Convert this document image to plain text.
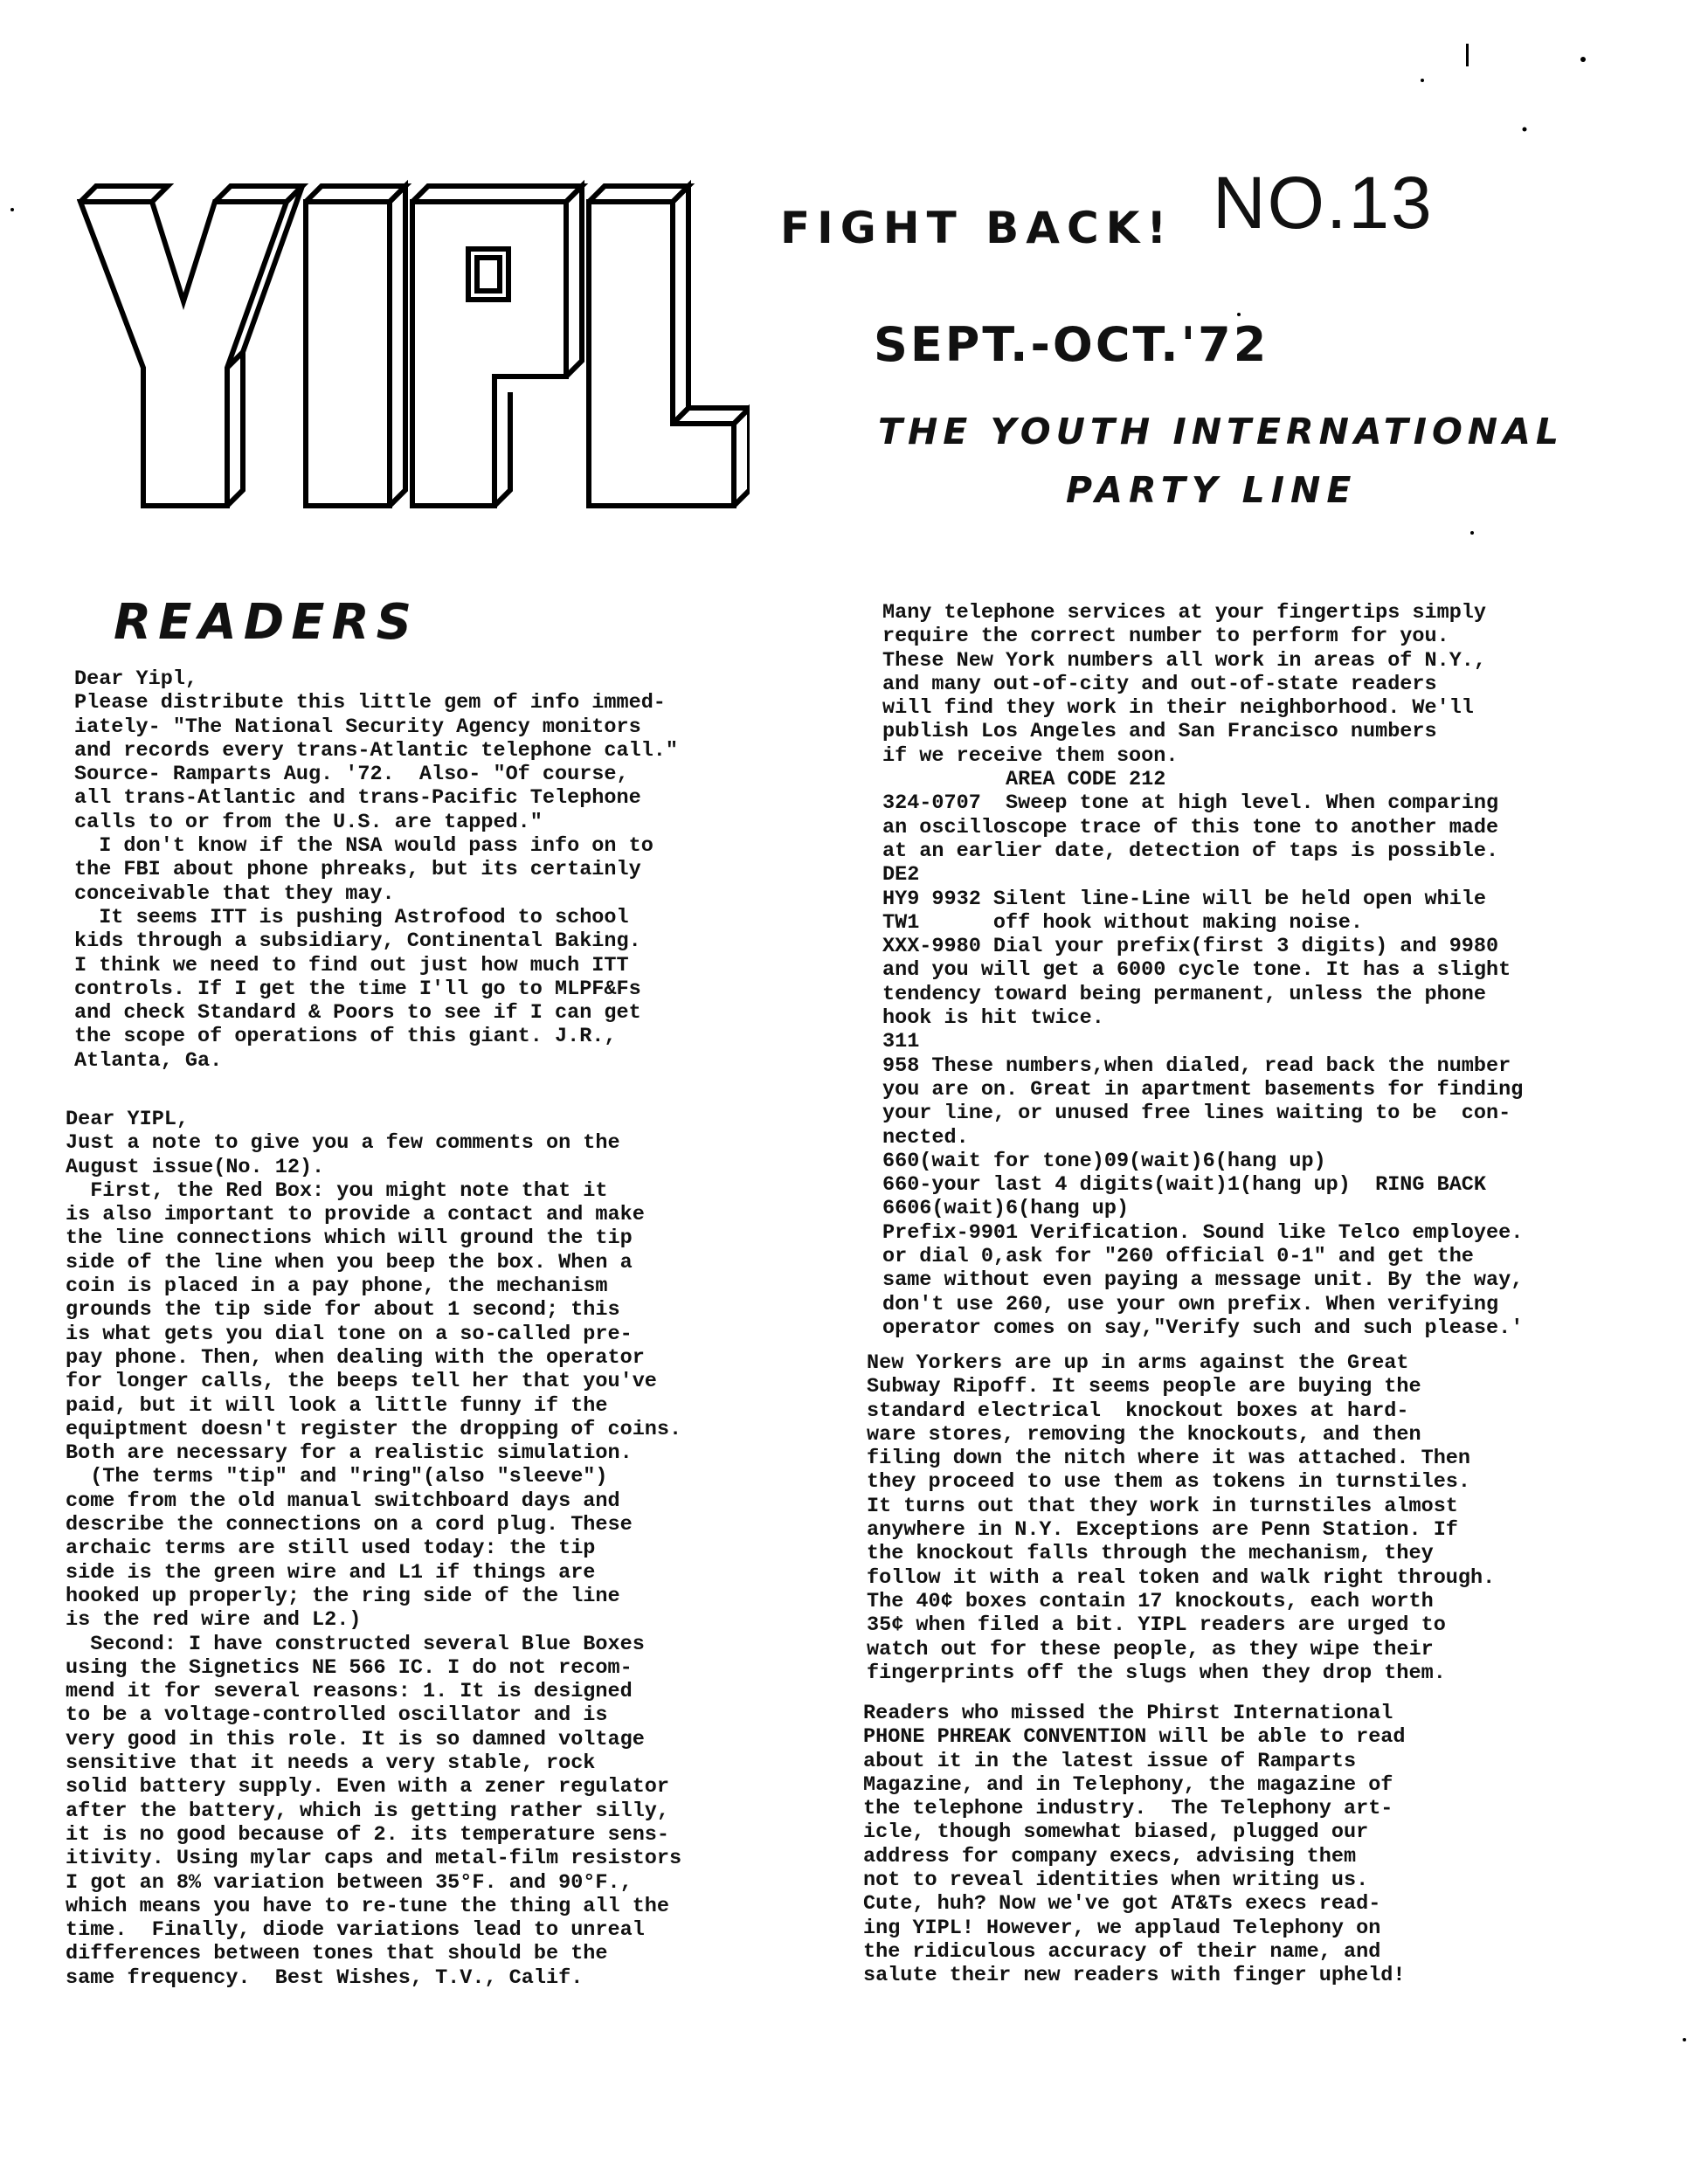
FIGHT BACK! NO.13

SEPT.-OCT.'72

THE YOUTH INTERNATIONAL

PARTY LINE

READERS

Dear Yipl,
Please distribute this little gem of info immed-
iately- "The National Security Agency monitors
and records every trans-Atlantic telephone call."
Source- Ramparts Aug. '72.  Also- "Of course,
all trans-Atlantic and trans-Pacific Telephone
calls to or from the U.S. are tapped."
I don't know if the NSA would pass info on to
the FBI about phone phreaks, but its certainly
conceivable that they may.
It seems ITT is pushing Astrofood to school
kids through a subsidiary, Continental Baking.
I think we need to find out just how much ITT
controls. If I get the time I'll go to MLPF&Fs
and check Standard & Poors to see if I can get
the scope of operations of this giant. J.R.,
Atlanta, Ga.

Dear YIPL,
Just a note to give you a few comments on the
August issue(No. 12).
First, the Red Box: you might note that it
is also important to provide a contact and make
the line connections which will ground the tip
side of the line when you beep the box. When a
coin is placed in a pay phone, the mechanism
grounds the tip side for about 1 second; this
is what gets you dial tone on a so-called pre-
pay phone. Then, when dealing with the operator
for longer calls, the beeps tell her that you've
paid, but it will look a little funny if the
equiptment doesn't register the dropping of coins.
Both are necessary for a realistic simulation.
(The terms "tip" and "ring"(also "sleeve")
come from the old manual switchboard days and
describe the connections on a cord plug. These
archaic terms are still used today: the tip
side is the green wire and L1 if things are
hooked up properly; the ring side of the line
is the red wire and L2.)
Second: I have constructed several Blue Boxes
using the Signetics NE 566 IC. I do not recom-
mend it for several reasons: 1. It is designed
to be a voltage-controlled oscillator and is
very good in this role. It is so damned voltage
sensitive that it needs a very stable, rock
solid battery supply. Even with a zener regulator
after the battery, which is getting rather silly,
it is no good because of 2. its temperature sens-
itivity. Using mylar caps and metal-film resistors
I got an 8% variation between 35°F. and 90°F.,
which means you have to re-tune the thing all the
time.  Finally, diode variations lead to unreal
differences between tones that should be the
same frequency.  Best Wishes, T.V., Calif.

Many telephone services at your fingertips simply
require the correct number to perform for you.
These New York numbers all work in areas of N.Y.,
and many out-of-city and out-of-state readers
will find they work in their neighborhood. We'll
publish Los Angeles and San Francisco numbers
if we receive them soon.
AREA CODE 212
324-0707  Sweep tone at high level. When comparing
an oscilloscope trace of this tone to another made
at an earlier date, detection of taps is possible.
DE2
HY9 9932 Silent line-Line will be held open while
TW1      off hook without making noise.
XXX-9980 Dial your prefix(first 3 digits) and 9980
and you will get a 6000 cycle tone. It has a slight
tendency toward being permanent, unless the phone
hook is hit twice.
311
958 These numbers,when dialed, read back the number
you are on. Great in apartment basements for finding
your line, or unused free lines waiting to be  con-
nected.
660(wait for tone)09(wait)6(hang up)
660-your last 4 digits(wait)1(hang up)  RING BACK
6606(wait)6(hang up)
Prefix-9901 Verification. Sound like Telco employee.
or dial 0,ask for "260 official 0-1" and get the
same without even paying a message unit. By the way,
don't use 260, use your own prefix. When verifying
operator comes on say,"Verify such and such please.'

New Yorkers are up in arms against the Great
Subway Ripoff. It seems people are buying the
standard electrical  knockout boxes at hard-
ware stores, removing the knockouts, and then
filing down the nitch where it was attached. Then
they proceed to use them as tokens in turnstiles.
It turns out that they work in turnstiles almost
anywhere in N.Y. Exceptions are Penn Station. If
the knockout falls through the mechanism, they
follow it with a real token and walk right through.
The 40¢ boxes contain 17 knockouts, each worth
35¢ when filed a bit. YIPL readers are urged to
watch out for these people, as they wipe their
fingerprints off the slugs when they drop them.

Readers who missed the Phirst International
PHONE PHREAK CONVENTION will be able to read
about it in the latest issue of Ramparts
Magazine, and in Telephony, the magazine of
the telephone industry.  The Telephony art-
icle, though somewhat biased, plugged our
address for company execs, advising them
not to reveal identities when writing us.
Cute, huh? Now we've got AT&Ts execs read-
ing YIPL! However, we applaud Telephony on
the ridiculous accuracy of their name, and
salute their new readers with finger upheld!
